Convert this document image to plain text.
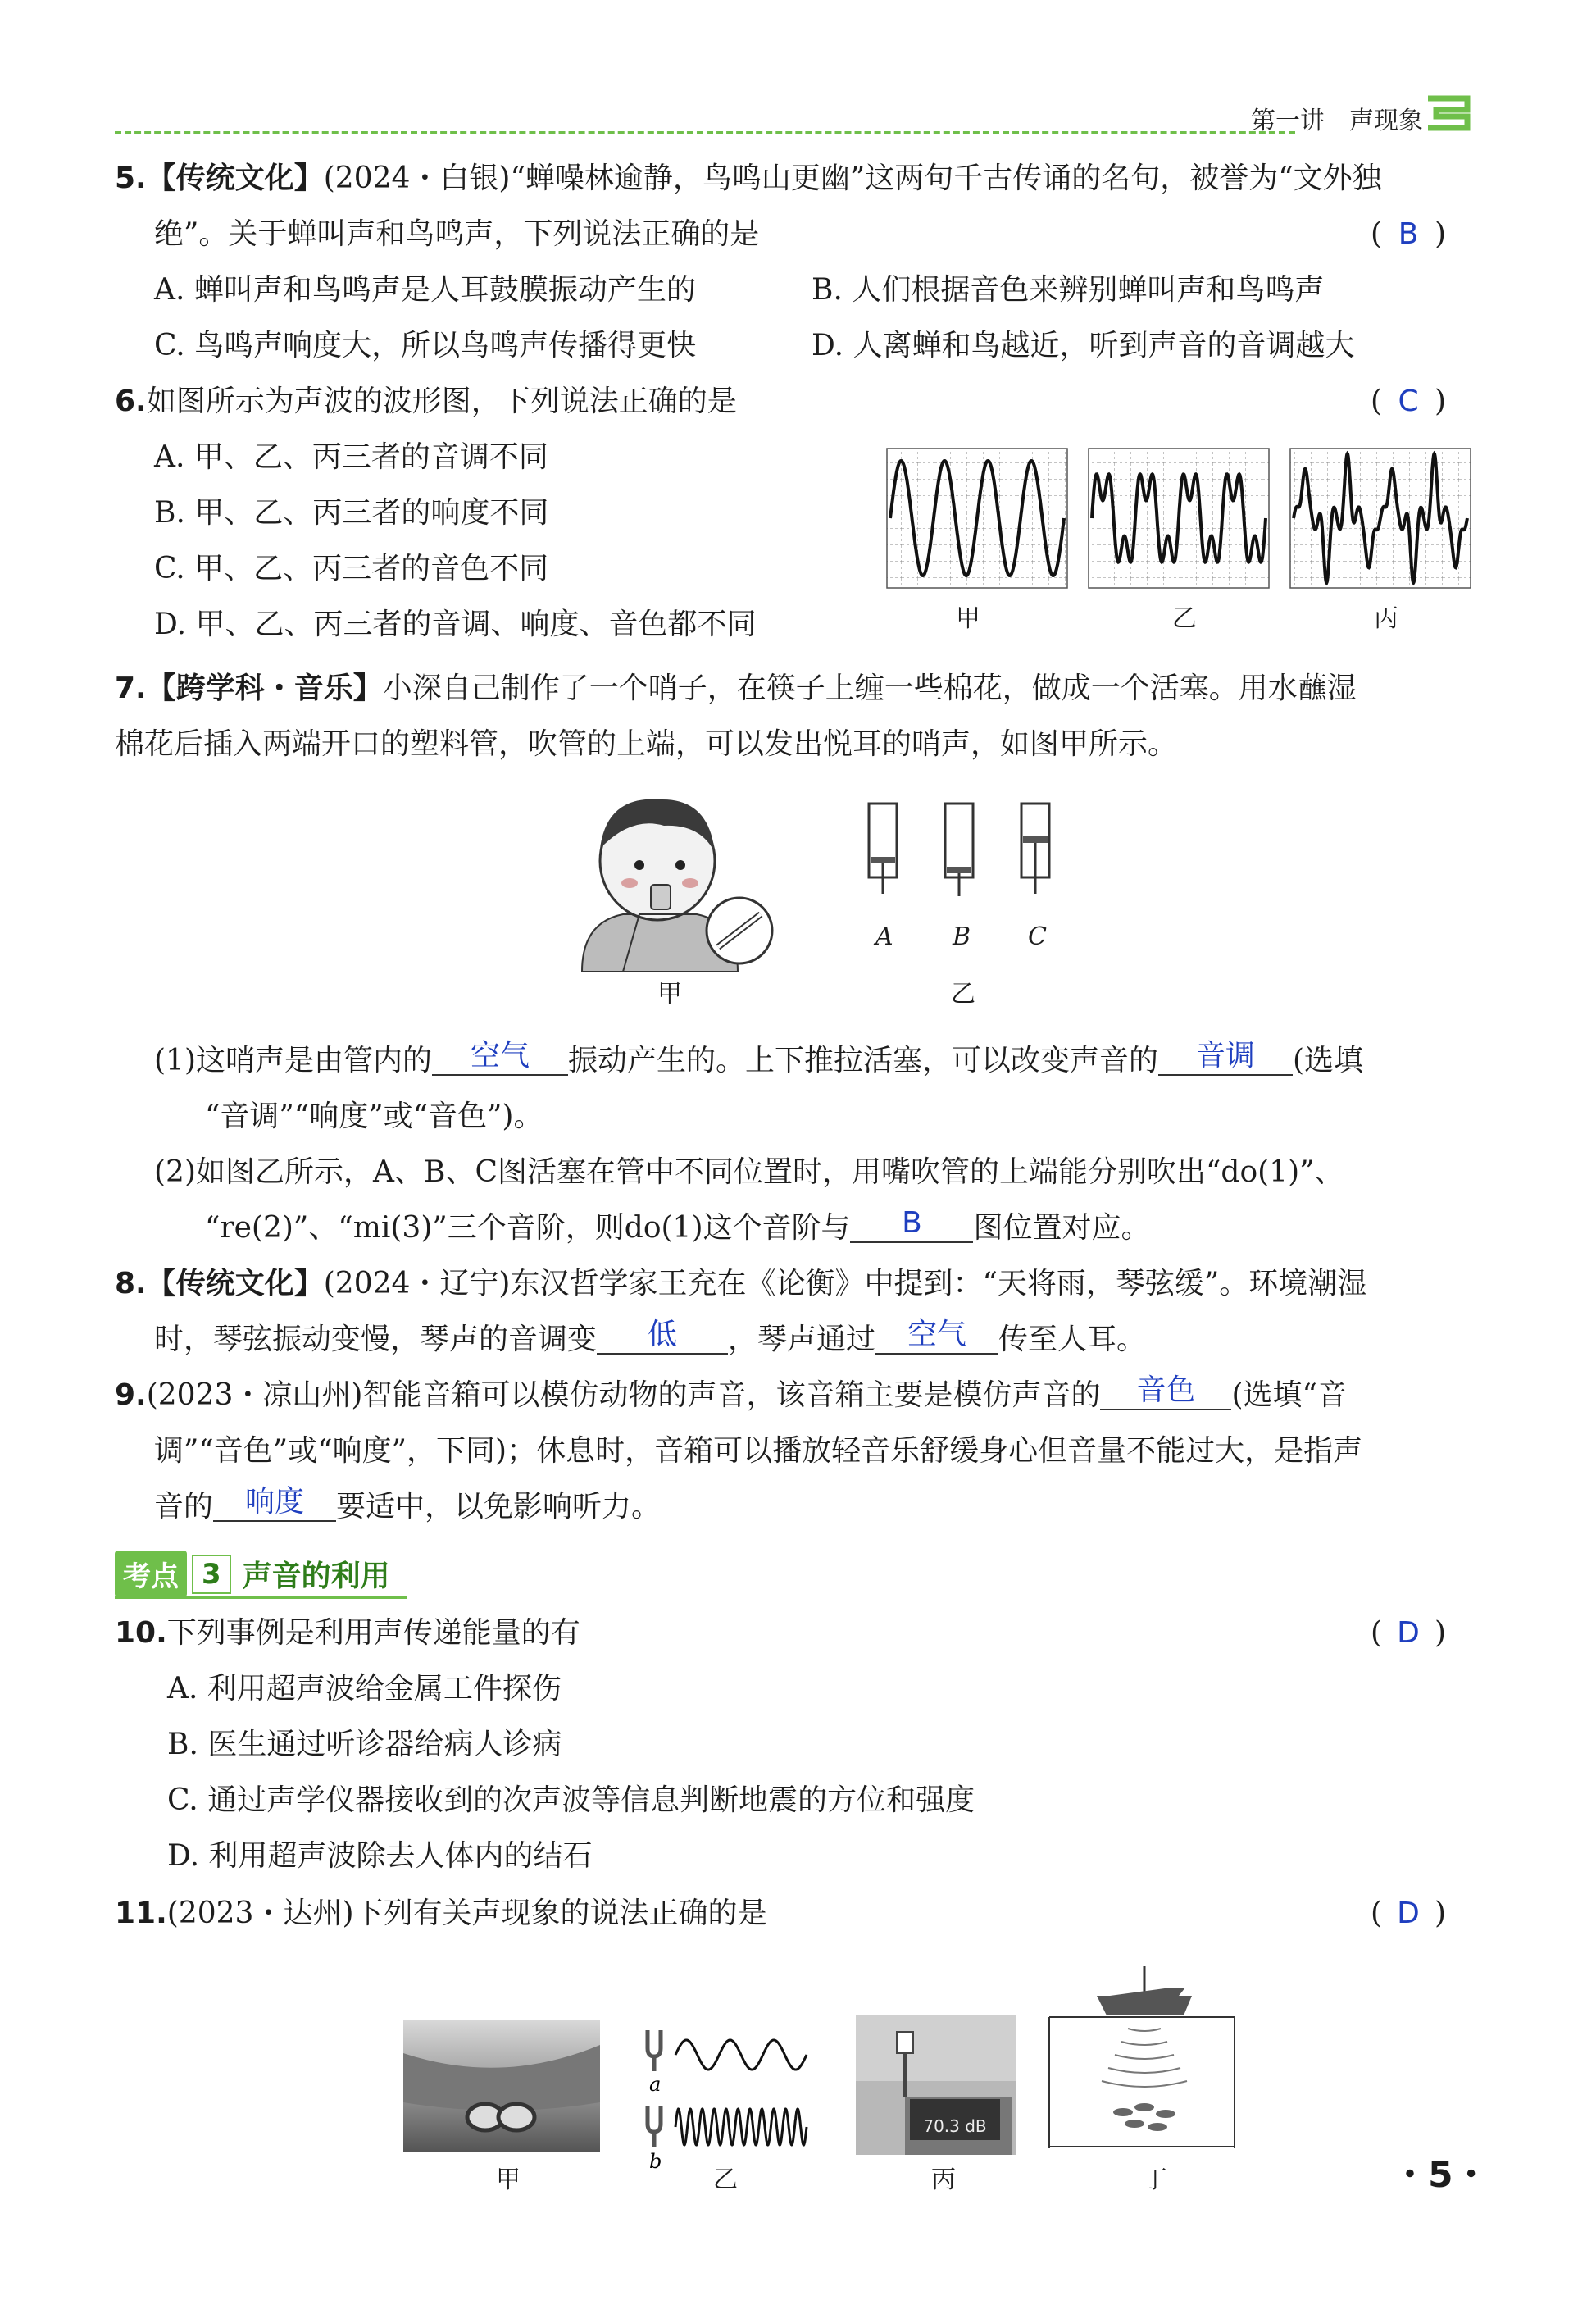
第一讲　声现象
5.【传统文化】(2024・白银)“蝉噪林逾静，鸟鸣山更幽”这两句千古传诵的名句，被誉为“文外独
绝”。关于蝉叫声和鸟鸣声，下列说法正确的是	( B )
A. 蝉叫声和鸟鸣声是人耳鼓膜振动产生的	B. 人们根据音色来辨别蝉叫声和鸟鸣声
C. 鸟鸣声响度大，所以鸟鸣声传播得更快	D. 人离蝉和鸟越近，听到声音的音调越大
6.如图所示为声波的波形图，下列说法正确的是	( C )
A. 甲、乙、丙三者的音调不同
B. 甲、乙、丙三者的响度不同
C. 甲、乙、丙三者的音色不同
D. 甲、乙、丙三者的音调、响度、音色都不同	甲	乙	丙
7.【跨学科・音乐】小深自己制作了一个哨子，在筷子上缠一些棉花，做成一个活塞。用水蘸湿
棉花后插入两端开口的塑料管，吹管的上端，可以发出悦耳的哨声，如图甲所示。
甲
A B C
乙
(1)这哨声是由管内的 空气 振动产生的。上下推拉活塞，可以改变声音的 音调 (选填
“音调”“响度”或“音色”)。
(2)如图乙所示，A、B、C图活塞在管中不同位置时，用嘴吹管的上端能分别吹出“do(1)”、
“re(2)”、“mi(3)”三个音阶，则do(1)这个音阶与 B 图位置对应。
8.【传统文化】(2024・辽宁)东汉哲学家王充在《论衡》中提到：“天将雨，琴弦缓”。环境潮湿
时，琴弦振动变慢，琴声的音调变 低 ，琴声通过 空气 传至人耳。
9.(2023・凉山州)智能音箱可以模仿动物的声音，该音箱主要是模仿声音的 音色 (选填“音
调”“音色”或“响度”，下同)；休息时，音箱可以播放轻音乐舒缓身心但音量不能过大，是指声
音的 响度 要适中，以免影响听力。
考点 3 声音的利用
10.下列事例是利用声传递能量的有	( D )
A. 利用超声波给金属工件探伤
B. 医生通过听诊器给病人诊病
C. 通过声学仪器接收到的次声波等信息判断地震的方位和强度
D. 利用超声波除去人体内的结石
11.(2023・达州)下列有关声现象的说法正确的是	( D )
甲
a
b
乙
70.3 dB
丙	丁	・5・
